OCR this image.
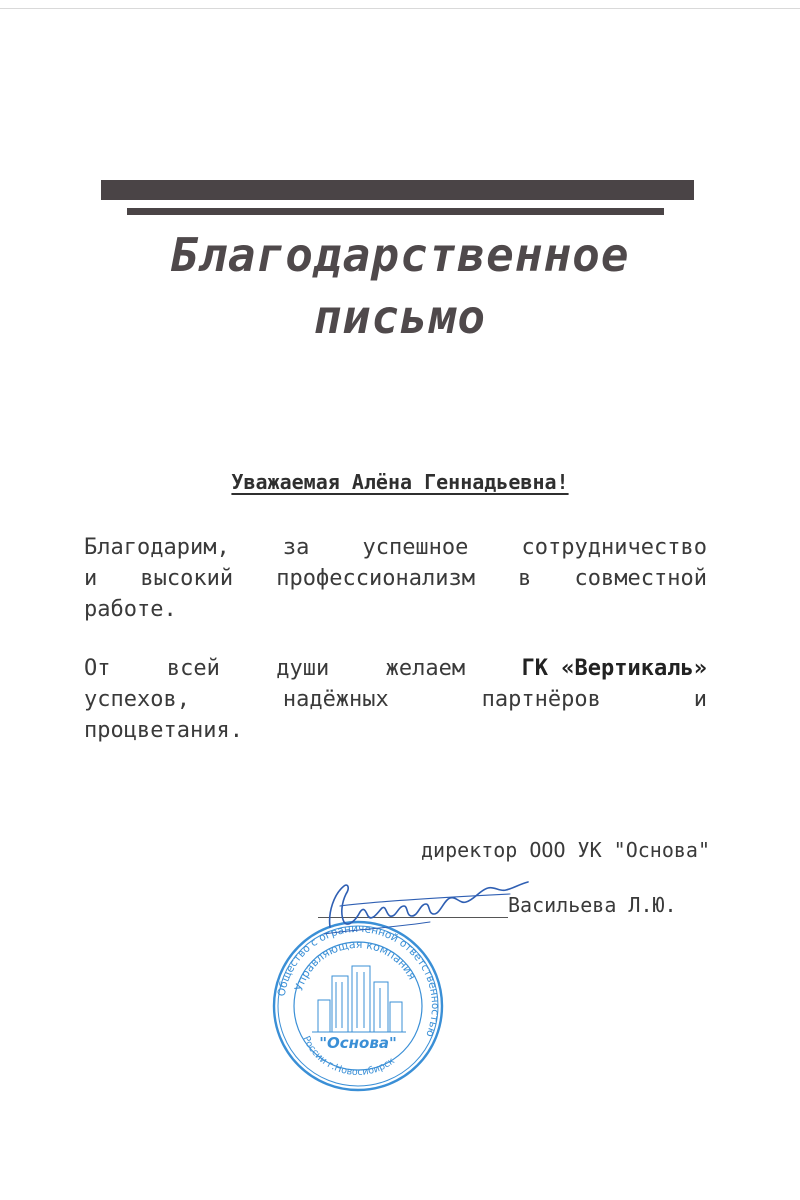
Благодарственное
письмо
Уважаемая Алёна Геннадьевна!
Благодарим, за успешное сотрудничество
и высокий профессионализм в совместной
работе.
От	всей	души	желаем	ГК «Вертикаль»
успехов,	надёжных	партнёров	и
процветания.
директор ООО УК "Основа"
Васильева Л.Ю.
Общество с ограниченной ответственностью
Управляющая компания
"Основа"
России г.Новосибирск
